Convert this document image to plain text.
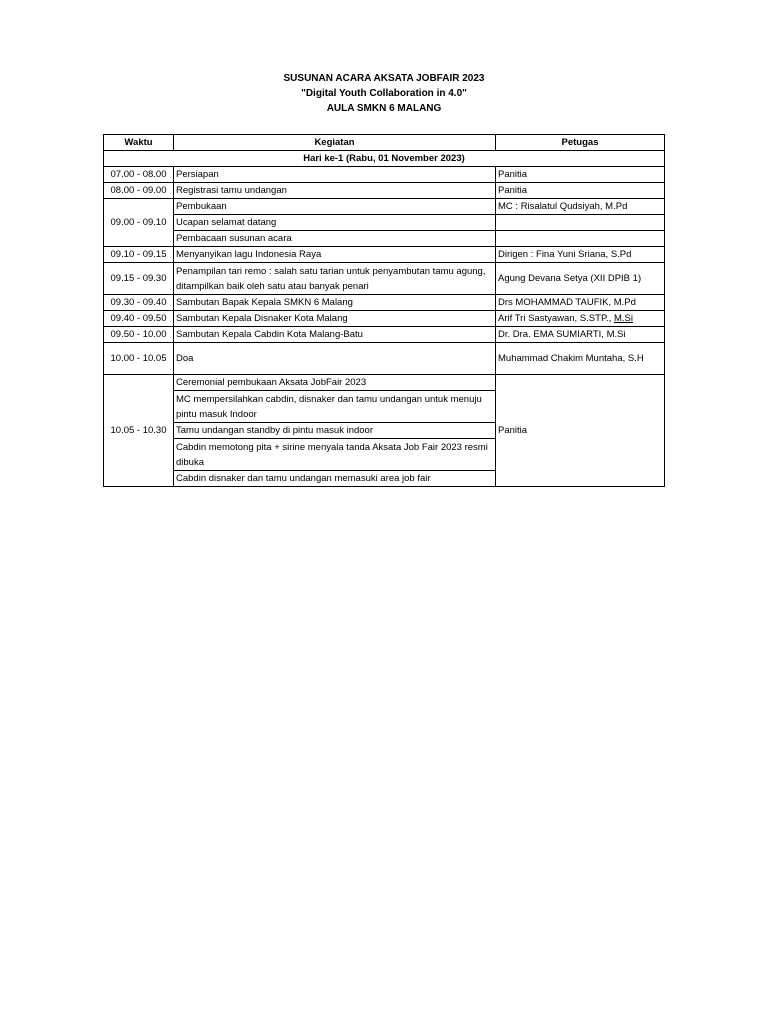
SUSUNAN ACARA AKSATA JOBFAIR 2023
"Digital Youth Collaboration in 4.0"
AULA SMKN 6 MALANG
Waktu	Kegiatan	Petugas
Hari ke-1 (Rabu, 01 November 2023)		
07.00 - 08.00	Persiapan	Panitia
08.00 - 09.00	Registrasi tamu undangan	Panitia
09.00 - 09.10	Pembukaan	MC : Risalatul Qudsiyah, M.Pd
	Ucapan selamat datang	
	Pembacaan susunan acara	
09.10 - 09.15	Menyanyikan lagu Indonesia Raya	Dirigen : Fina Yuni Sriana, S.Pd
09.15 - 09.30	Penampilan tari remo : salah satu tarian untuk penyambutan tamu agung, ditampilkan baik oleh satu atau banyak penari	Agung Devana Setya (XII DPIB 1)
09.30 - 09.40	Sambutan Bapak Kepala SMKN 6 Malang	Drs MOHAMMAD TAUFIK, M.Pd
09.40 - 09.50	Sambutan Kepala Disnaker Kota Malang	Arif Tri Sastyawan, S.STP., M.Si
09.50 - 10.00	Sambutan Kepala Cabdin Kota Malang-Batu	Dr. Dra. EMA SUMIARTI, M.Si
10.00 - 10.05	Doa	Muhammad Chakim Muntaha, S.H
10.05 - 10.30	Ceremonial pembukaan Aksata JobFair 2023	Panitia
	MC mempersilahkan cabdin, disnaker dan tamu undangan untuk menuju pintu masuk Indoor	
	Tamu undangan standby di pintu masuk indoor	
	Cabdin memotong pita + sirine menyala tanda Aksata Job Fair 2023 resmi dibuka	
	Cabdin disnaker dan tamu undangan memasuki area job fair	
